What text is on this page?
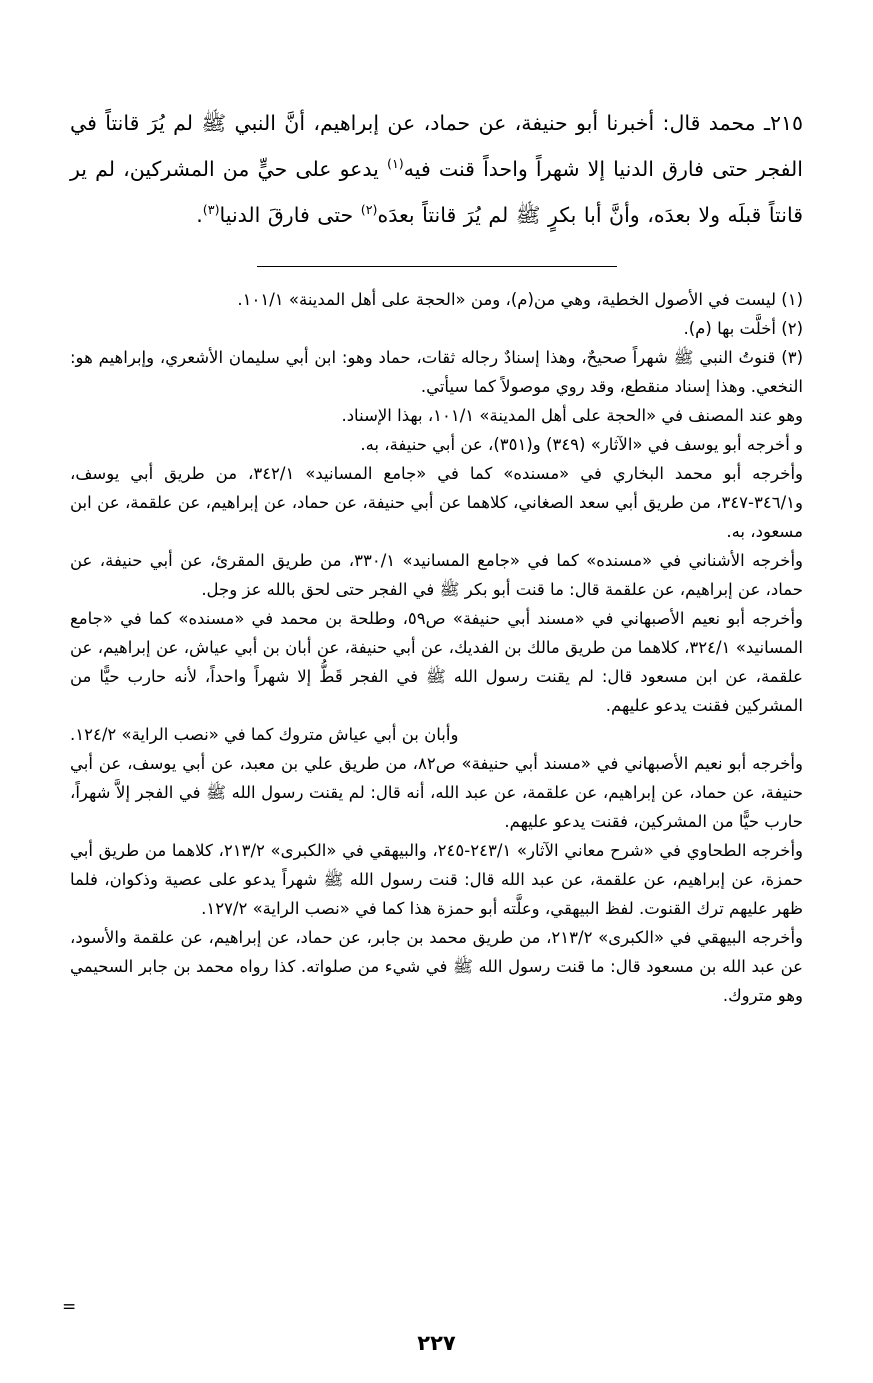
٢١٥ـ محمد قال: أخبرنا أبو حنيفة، عن حماد، عن إبراهيم، أنَّ النبي ﷺ لم يُرَ قانتاً في الفجر حتى فارق الدنيا إلا شهراً واحداً قنت فيه$^{(١)}$ يدعو على حيٍّ من المشركين، لم ير قانتاً قبلَه ولا بعدَه، وأنَّ أبا بكرٍ ﷺ لم يُرَ قانتاً بعدَه$^{(٢)}$ حتى فارقَ الدنيا$^{(٣)}$.

(١) ليست في الأصول الخطية، وهي من(م)، ومن «الحجة على أهل المدينة» ١٠١/١.

(٢) أخلَّت بها (م).

(٣) قنوتُ النبي ﷺ شهراً صحيحٌ، وهذا إسنادٌ رجاله ثقات، حماد وهو: ابن أبي سليمان الأشعري، وإبراهيم هو: النخعي. وهذا إسناد منقطع، وقد روي موصولاً كما سيأتي.

وهو عند المصنف في «الحجة على أهل المدينة» ١٠١/١، بهذا الإسناد.

و أخرجه أبو يوسف في «الآثار» (٣٤٩) و(٣٥١)، عن أبي حنيفة، به.

وأخرجه أبو محمد البخاري في «مسنده» كما في «جامع المسانيد» ٣٤٢/١، من طريق أبي يوسف، و٣٤٦/١-٣٤٧، من طريق أبي سعد الصغاني، كلاهما عن أبي حنيفة، عن حماد، عن إبراهيم، عن علقمة، عن ابن مسعود، به.

وأخرجه الأشناني في «مسنده» كما في «جامع المسانيد» ٣٣٠/١، من طريق المقرئ، عن أبي حنيفة، عن حماد، عن إبراهيم، عن علقمة قال: ما قنت أبو بكر ﷺ في الفجر حتى لحق بالله عز وجل.

وأخرجه أبو نعيم الأصبهاني في «مسند أبي حنيفة» ص٥٩، وطلحة بن محمد في «مسنده» كما في «جامع المسانيد» ٣٢٤/١، كلاهما من طريق مالك بن الفديك، عن أبي حنيفة، عن أبان بن أبي عياش، عن إبراهيم، عن علقمة، عن ابن مسعود قال: لم يقنت رسول الله ﷺ في الفجر قَطُّ إلا شهراً واحداً، لأنه حارب حيًّا من المشركين فقنت يدعو عليهم.

وأبان بن أبي عياش متروك كما في «نصب الراية» ١٢٤/٢.

وأخرجه أبو نعيم الأصبهاني في «مسند أبي حنيفة» ص٨٢، من طريق علي بن معبد، عن أبي يوسف، عن أبي حنيفة، عن حماد، عن إبراهيم، عن علقمة، عن عبد الله، أنه قال: لم يقنت رسول الله ﷺ في الفجر إلاَّ شهراً، حارب حيًّا من المشركين، فقنت يدعو عليهم.

وأخرجه الطحاوي في «شرح معاني الآثار» ٢٤٣/١-٢٤٥، والبيهقي في «الكبرى» ٢١٣/٢، كلاهما من طريق أبي حمزة، عن إبراهيم، عن علقمة، عن عبد الله قال: قنت رسول الله ﷺ شهراً يدعو على عصية وذكوان، فلما ظهر عليهم ترك القنوت. لفظ البيهقي، وعلَّته أبو حمزة هذا كما في «نصب الراية» ١٢٧/٢.

وأخرجه البيهقي في «الكبرى» ٢١٣/٢، من طريق محمد بن جابر، عن حماد، عن إبراهيم، عن علقمة والأسود، عن عبد الله بن مسعود قال: ما قنت رسول الله ﷺ في شيء من صلواته. كذا رواه محمد بن جابر السحيمي وهو متروك.

=
٢٢٧
